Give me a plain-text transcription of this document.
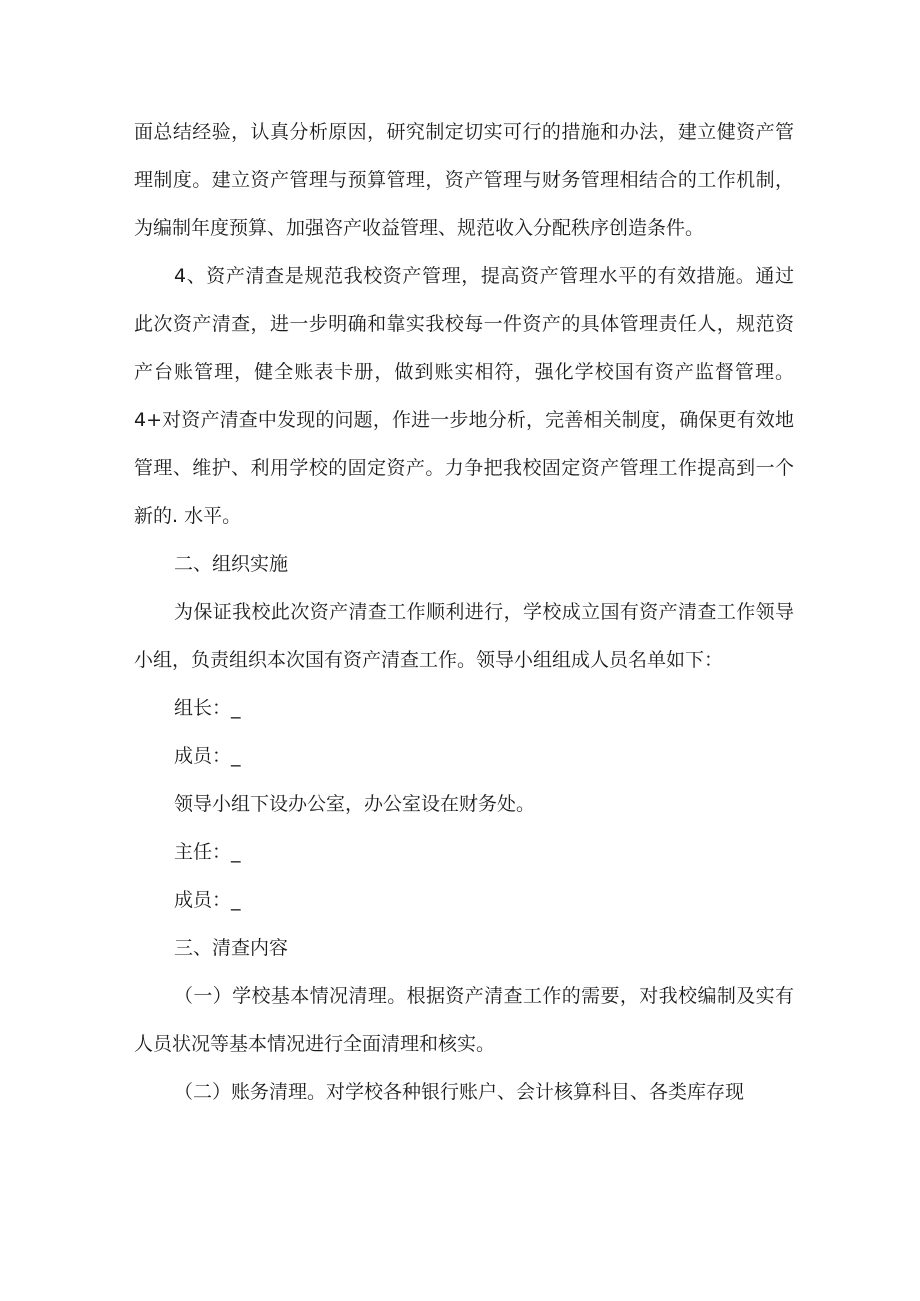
面总结经验，认真分析原因，研究制定切实可行的措施和办法，建立健资产管理制度。建立资产管理与预算管理，资产管理与财务管理相结合的工作机制，为编制年度预算、加强咨产收益管理、规范收入分配秩序创造条件。

4、资产清查是规范我校资产管理，提高资产管理水平的有效措施。通过此次资产清查，进一步明确和靠实我校每一件资产的具体管理责任人，规范资产台账管理，健全账表卡册，做到账实相符，强化学校国有资产监督管理。4+对资产清查中发现的问题，作进一步地分析，完善相关制度，确保更有效地管理、维护、利用学校的固定资产。力争把我校固定资产管理工作提高到一个新的. 水平。

二、组织实施

为保证我校此次资产清查工作顺利进行，学校成立国有资产清查工作领导小组，负责组织本次国有资产清查工作。领导小组组成人员名单如下：

组长：_

成员：_

领导小组下设办公室，办公室设在财务处。

主任：_

成员：_

三、清查内容

（一）学校基本情况清理。根据资产清查工作的需要，对我校编制及实有人员状况等基本情况进行全面清理和核实。

（二）账务清理。对学校各种银行账户、会计核算科目、各类库存现
